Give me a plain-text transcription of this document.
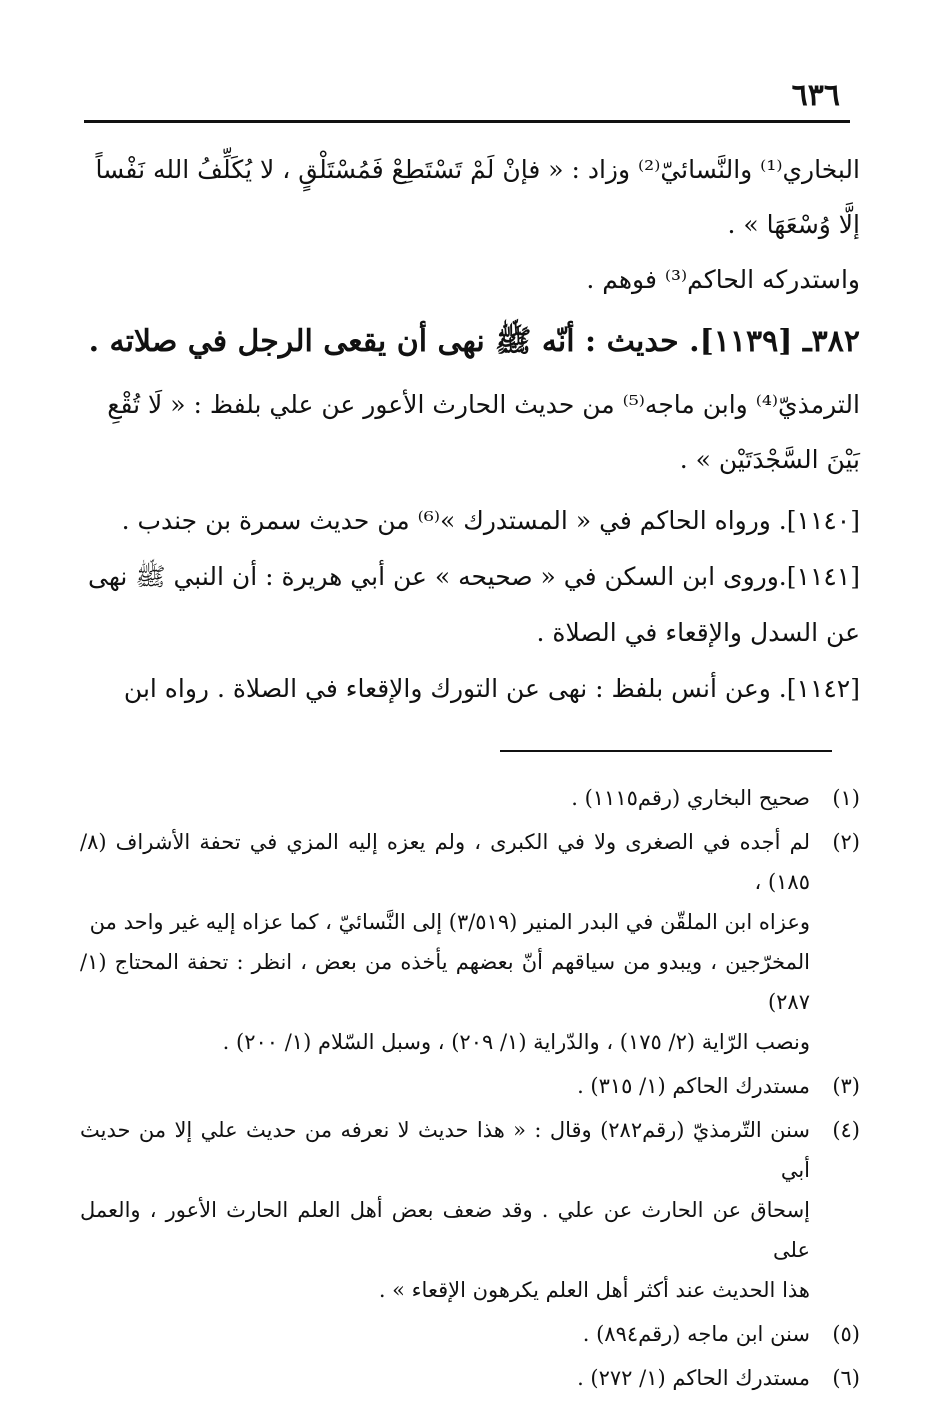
٦٣٦
البخاري⁽¹⁾ والنَّسائيّ⁽²⁾ وزاد : « فإنْ لَمْ تَسْتَطِعْ فَمُسْتَلْقٍ ، لا يُكَلِّفُ الله نَفْساً
إلَّا وُسْعَهَا » .
واستدركه الحاكم⁽³⁾ فوهم .
٣٨٢ـ [١١٣٩]. حديث : أنّه ﷺ نهى أن يقعى الرجل في صلاته .
الترمذيّ⁽⁴⁾ وابن ماجه⁽⁵⁾ من حديث الحارث الأعور عن علي بلفظ : « لَا تُقْعِ
بَيْنَ السَّجْدَتَيْن » .
[١١٤٠]. ورواه الحاكم في « المستدرك »⁽⁶⁾ من حديث سمرة بن جندب .
[١١٤١].وروى ابن السكن في « صحيحه » عن أبي هريرة : أن النبي ﷺ نهى
عن السدل والإقعاء في الصلاة .
[١١٤٢]. وعن أنس بلفظ : نهى عن التورك والإقعاء في الصلاة . رواه ابن
(١)
صحيح البخاري (رقم١١١٥) .
(٢)
لم أجده في الصغرى ولا في الكبرى ، ولم يعزه إليه المزي في تحفة الأشراف (٨/ ١٨٥) ،
وعزاه ابن الملقّن في البدر المنير (٣/٥١٩) إلى النَّسائيّ ، كما عزاه إليه غير واحد من
المخرّجين ، ويبدو من سياقهم أنّ بعضهم يأخذه من بعض ، انظر : تحفة المحتاج (١/ ٢٨٧)
ونصب الرّاية (٢/ ١٧٥) ، والدّراية (١/ ٢٠٩) ، وسبل السّلام (١/ ٢٠٠) .
(٣)
مستدرك الحاكم (١/ ٣١٥) .
(٤)
سنن التّرمذيّ (رقم٢٨٢) وقال : « هذا حديث لا نعرفه من حديث علي إلا من حديث أبي
إسحاق عن الحارث عن علي . وقد ضعف بعض أهل العلم الحارث الأعور ، والعمل على
هذا الحديث عند أكثر أهل العلم يكرهون الإقعاء » .
(٥)
سنن ابن ماجه (رقم٨٩٤) .
(٦)
مستدرك الحاكم (١/ ٢٧٢) .
